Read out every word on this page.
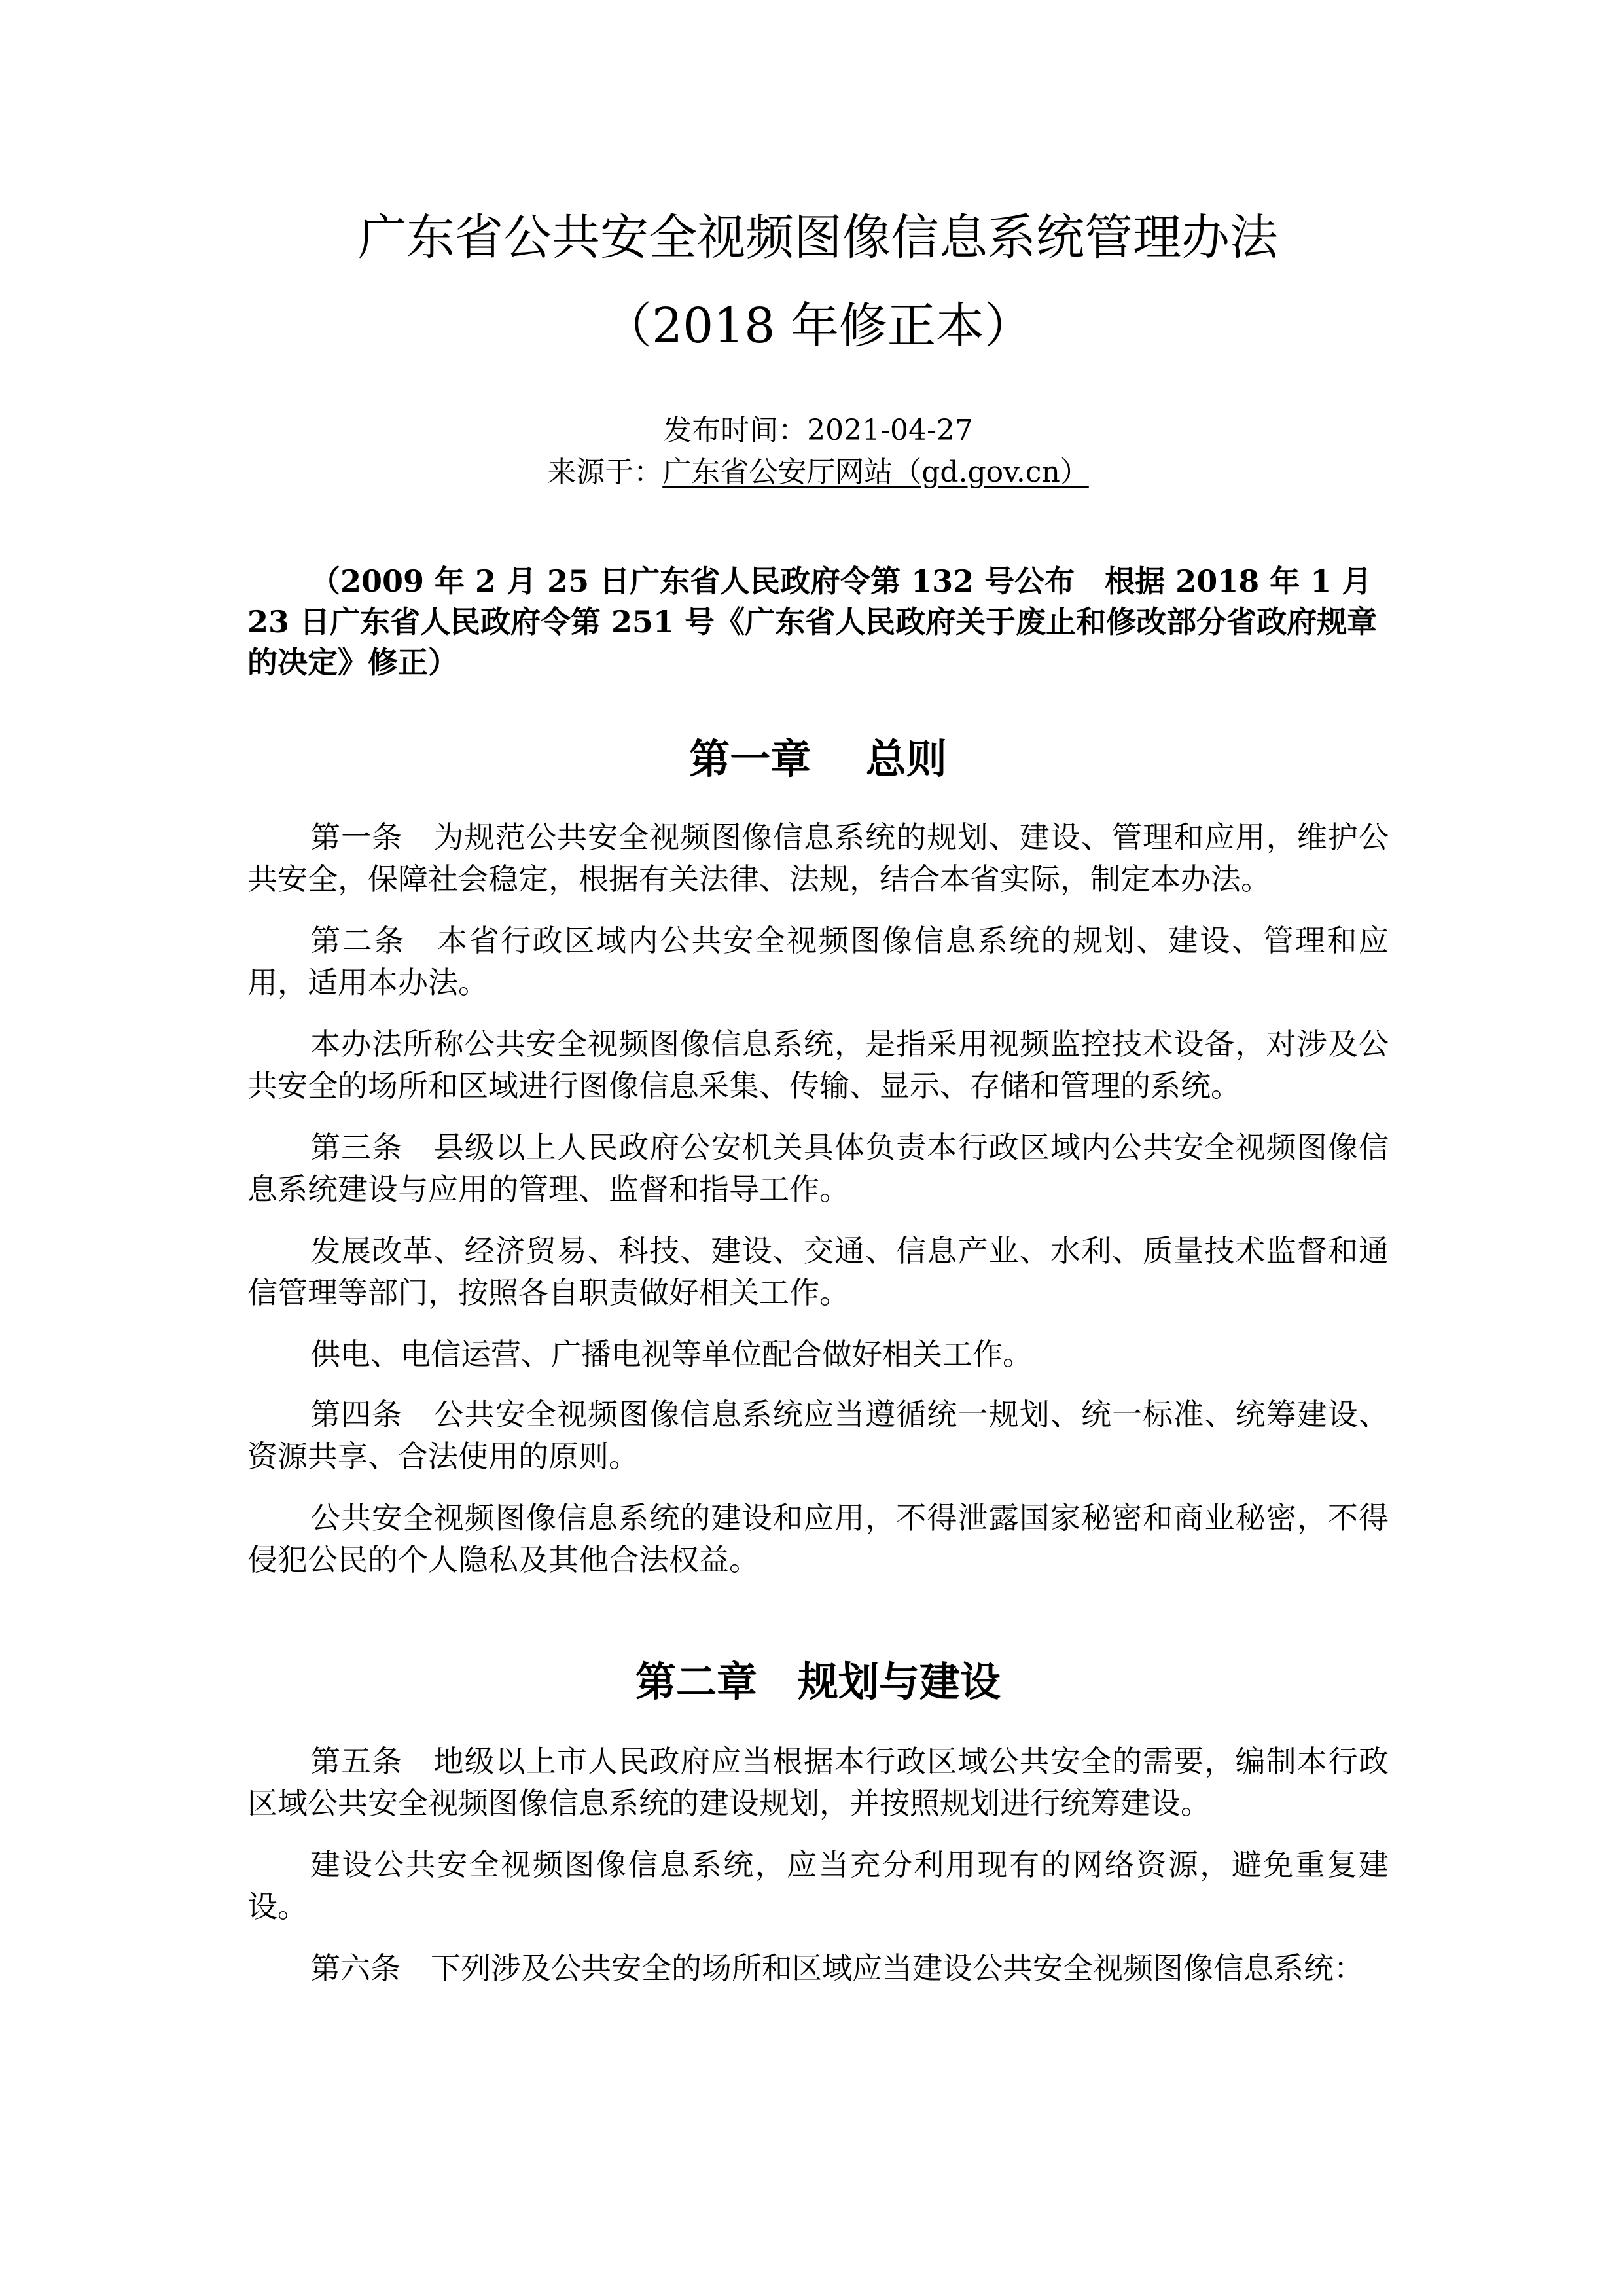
广东省公共安全视频图像信息系统管理办法
（2018 年修正本）
发布时间：2021-04-27
来源于：广东省公安厅网站（gd.gov.cn）

（2009 年 2 月 25 日广东省人民政府令第 132 号公布　根据 2018 年 1 月 23 日广东省人民政府令第 251 号《广东省人民政府关于废止和修改部分省政府规章的决定》修正）

第一章　 总则

第一条　为规范公共安全视频图像信息系统的规划、建设、管理和应用，维护公共安全，保障社会稳定，根据有关法律、法规，结合本省实际，制定本办法。

第二条　本省行政区域内公共安全视频图像信息系统的规划、建设、管理和应用，适用本办法。

本办法所称公共安全视频图像信息系统，是指采用视频监控技术设备，对涉及公共安全的场所和区域进行图像信息采集、传输、显示、存储和管理的系统。

第三条　县级以上人民政府公安机关具体负责本行政区域内公共安全视频图像信息系统建设与应用的管理、监督和指导工作。

发展改革、经济贸易、科技、建设、交通、信息产业、水利、质量技术监督和通信管理等部门，按照各自职责做好相关工作。

供电、电信运营、广播电视等单位配合做好相关工作。

第四条　公共安全视频图像信息系统应当遵循统一规划、统一标准、统筹建设、资源共享、合法使用的原则。

公共安全视频图像信息系统的建设和应用，不得泄露国家秘密和商业秘密，不得侵犯公民的个人隐私及其他合法权益。

第二章　规划与建设

第五条　地级以上市人民政府应当根据本行政区域公共安全的需要，编制本行政区域公共安全视频图像信息系统的建设规划，并按照规划进行统筹建设。

建设公共安全视频图像信息系统，应当充分利用现有的网络资源，避免重复建设。

第六条　下列涉及公共安全的场所和区域应当建设公共安全视频图像信息系统：
